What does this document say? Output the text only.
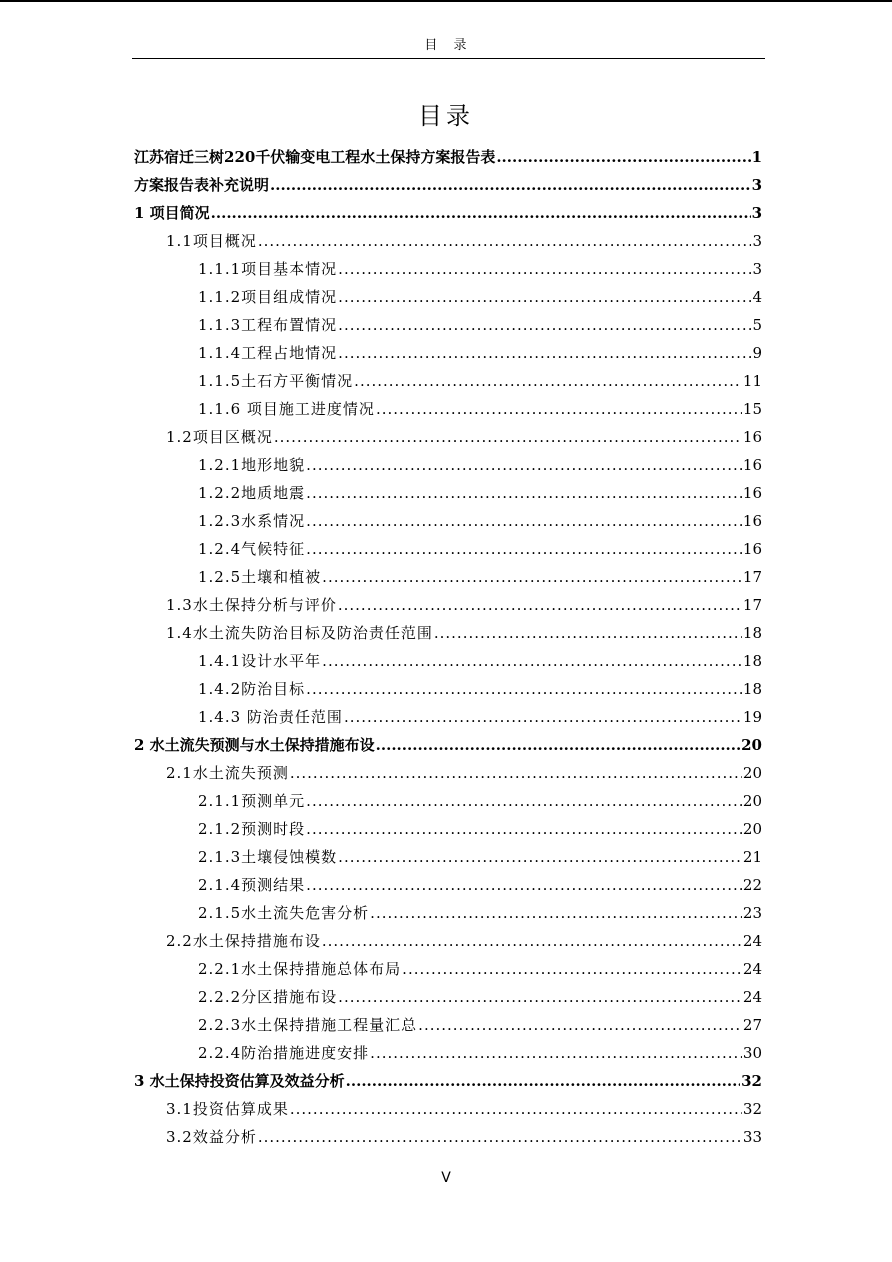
目 录
目录
江苏宿迁三树220千伏输变电工程水土保持方案报告表 .....	1
方案报告表补充说明 .....	3
1 项目简况 .....	3
1.1项目概况 .....	3
1.1.1项目基本情况 .....	3
1.1.2项目组成情况 .....	4
1.1.3工程布置情况 .....	5
1.1.4工程占地情况 .....	9
1.1.5土石方平衡情况 .....	11
1.1.6 项目施工进度情况 .....	15
1.2项目区概况 .....	16
1.2.1地形地貌 .....	16
1.2.2地质地震 .....	16
1.2.3水系情况 .....	16
1.2.4气候特征 .....	16
1.2.5土壤和植被 .....	17
1.3水土保持分析与评价 .....	17
1.4水土流失防治目标及防治责任范围 .....	18
1.4.1设计水平年 .....	18
1.4.2防治目标 .....	18
1.4.3 防治责任范围 .....	19
2 水土流失预测与水土保持措施布设 .....	20
2.1水土流失预测 .....	20
2.1.1预测单元 .....	20
2.1.2预测时段 .....	20
2.1.3土壤侵蚀模数 .....	21
2.1.4预测结果 .....	22
2.1.5水土流失危害分析 .....	23
2.2水土保持措施布设 .....	24
2.2.1水土保持措施总体布局 .....	24
2.2.2分区措施布设 .....	24
2.2.3水土保持措施工程量汇总 .....	27
2.2.4防治措施进度安排 .....	30
3 水土保持投资估算及效益分析 .....	32
3.1投资估算成果 .....	32
3.2效益分析 .....	33
V
